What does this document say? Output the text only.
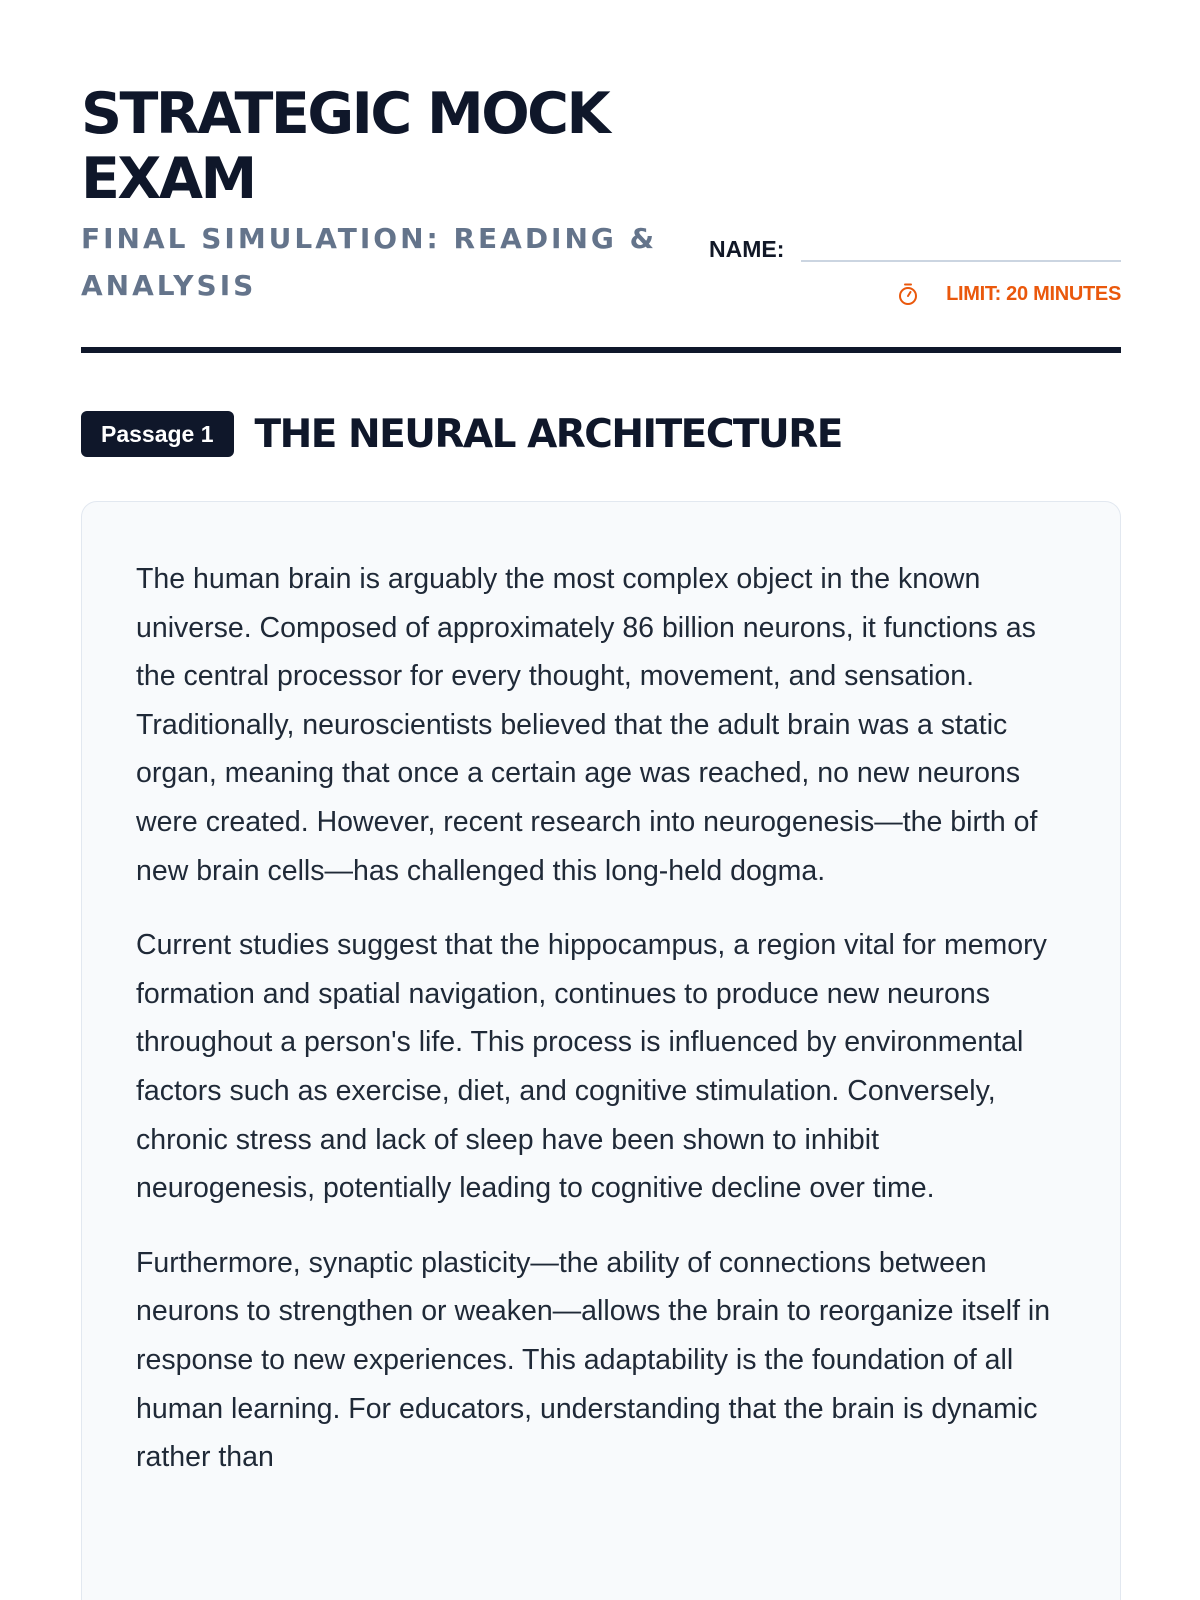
STRATEGIC MOCK EXAM
FINAL SIMULATION: READING & ANALYSIS
NAME:
LIMIT: 20 MINUTES
Passage 1	THE NEURAL ARCHITECTURE

The human brain is arguably the most complex object in the known universe. Composed of approximately 86 billion neurons, it functions as the central processor for every thought, movement, and sensation. Traditionally, neuroscientists believed that the adult brain was a static organ, meaning that once a certain age was reached, no new neurons were created. However, recent research into neurogenesis—the birth of new brain cells—has challenged this long-held dogma.

Current studies suggest that the hippocampus, a region vital for memory formation and spatial navigation, continues to produce new neurons throughout a person's life. This process is influenced by environmental factors such as exercise, diet, and cognitive stimulation. Conversely, chronic stress and lack of sleep have been shown to inhibit neurogenesis, potentially leading to cognitive decline over time.

Furthermore, synaptic plasticity—the ability of connections between neurons to strengthen or weaken—allows the brain to reorganize itself in response to new experiences. This adaptability is the foundation of all human learning. For educators, understanding that the brain is dynamic rather than
